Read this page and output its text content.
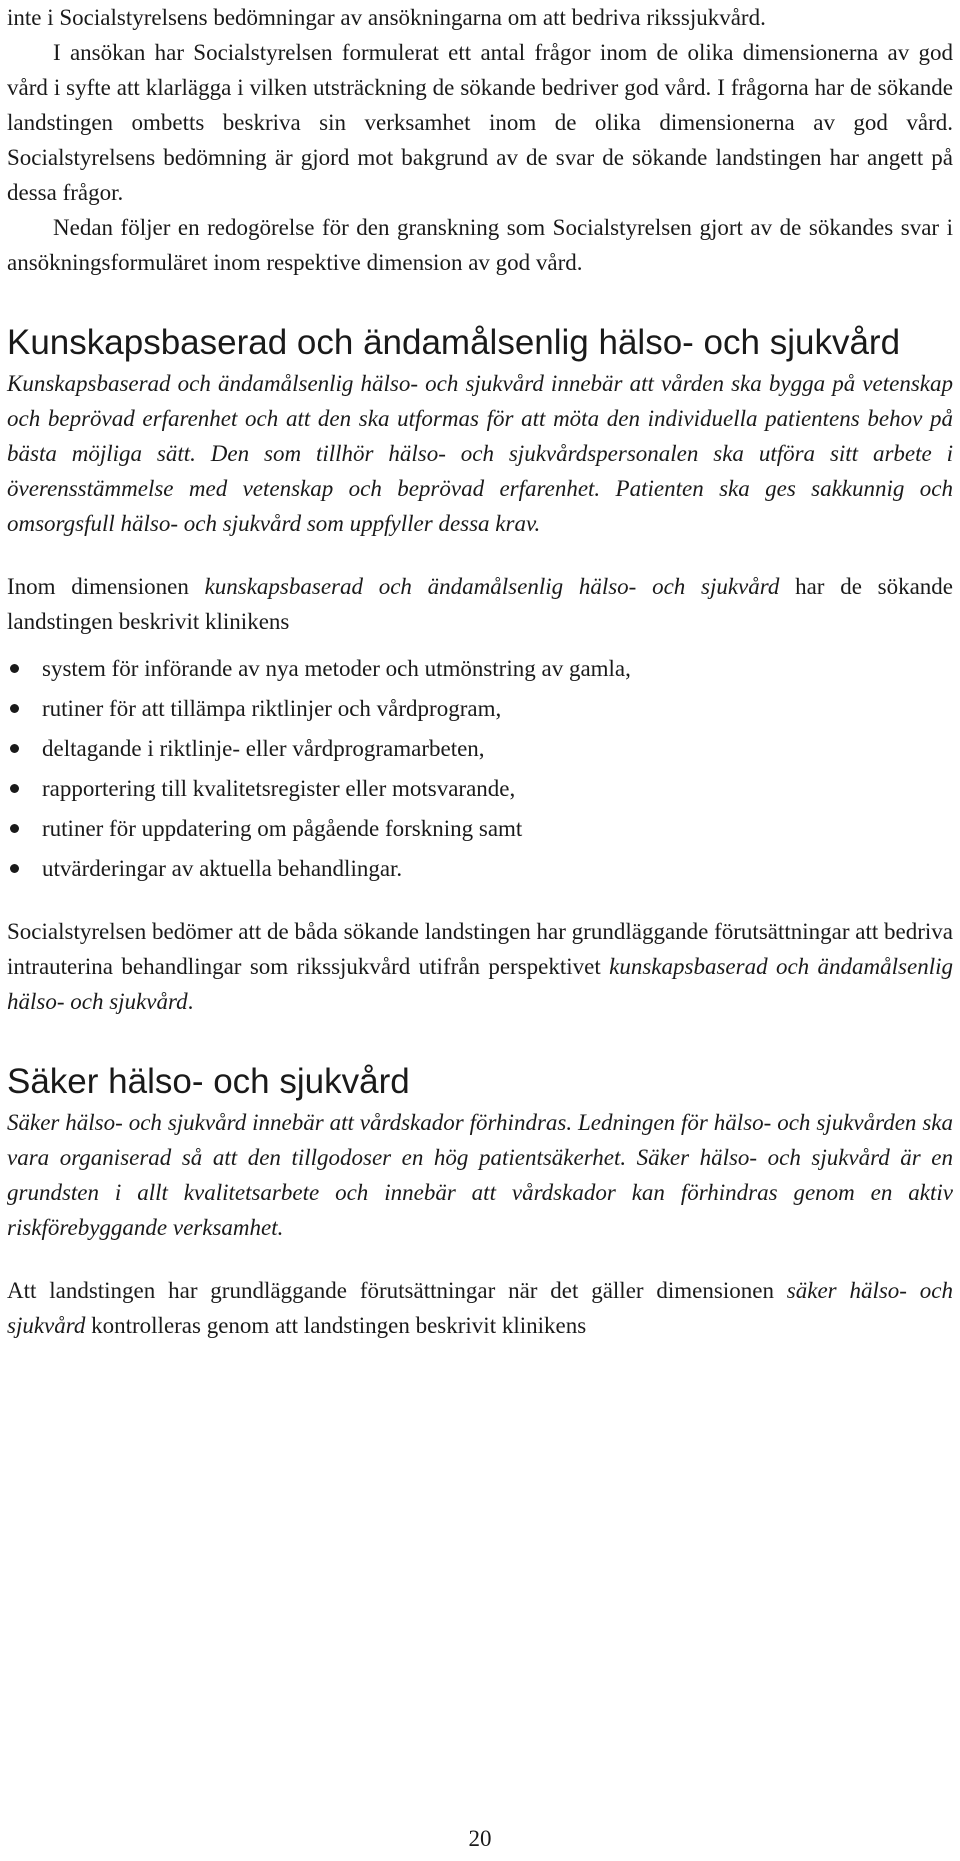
inte i Socialstyrelsens bedömningar av ansökningarna om att bedriva rikssjukvård.

I ansökan har Socialstyrelsen formulerat ett antal frågor inom de olika dimensionerna av god vård i syfte att klarlägga i vilken utsträckning de sökande bedriver god vård. I frågorna har de sökande landstingen ombetts beskriva sin verksamhet inom de olika dimensionerna av god vård. Socialstyrelsens bedömning är gjord mot bakgrund av de svar de sökande landstingen har angett på dessa frågor.

Nedan följer en redogörelse för den granskning som Socialstyrelsen gjort av de sökandes svar i ansökningsformuläret inom respektive dimension av god vård.

Kunskapsbaserad och ändamålsenlig hälso- och sjukvård

Kunskapsbaserad och ändamålsenlig hälso- och sjukvård innebär att vården ska bygga på vetenskap och beprövad erfarenhet och att den ska utformas för att möta den individuella patientens behov på bästa möjliga sätt. Den som tillhör hälso- och sjukvårdspersonalen ska utföra sitt arbete i överensstämmelse med vetenskap och beprövad erfarenhet. Patienten ska ges sakkunnig och omsorgsfull hälso- och sjukvård som uppfyller dessa krav.

Inom dimensionen kunskapsbaserad och ändamålsenlig hälso- och sjukvård har de sökande landstingen beskrivit klinikens

system för införande av nya metoder och utmönstring av gamla,
rutiner för att tillämpa riktlinjer och vårdprogram,
deltagande i riktlinje- eller vårdprogramarbeten,
rapportering till kvalitetsregister eller motsvarande,
rutiner för uppdatering om pågående forskning samt
utvärderingar av aktuella behandlingar.

Socialstyrelsen bedömer att de båda sökande landstingen har grundläggande förutsättningar att bedriva intrauterina behandlingar som rikssjukvård utifrån perspektivet kunskapsbaserad och ändamålsenlig hälso- och sjukvård.

Säker hälso- och sjukvård

Säker hälso- och sjukvård innebär att vårdskador förhindras. Ledningen för hälso- och sjukvården ska vara organiserad så att den tillgodoser en hög patientsäkerhet. Säker hälso- och sjukvård är en grundsten i allt kvalitetsarbete och innebär att vårdskador kan förhindras genom en aktiv riskförebyggande verksamhet.

Att landstingen har grundläggande förutsättningar när det gäller dimensionen säker hälso- och sjukvård kontrolleras genom att landstingen beskrivit klinikens

20
